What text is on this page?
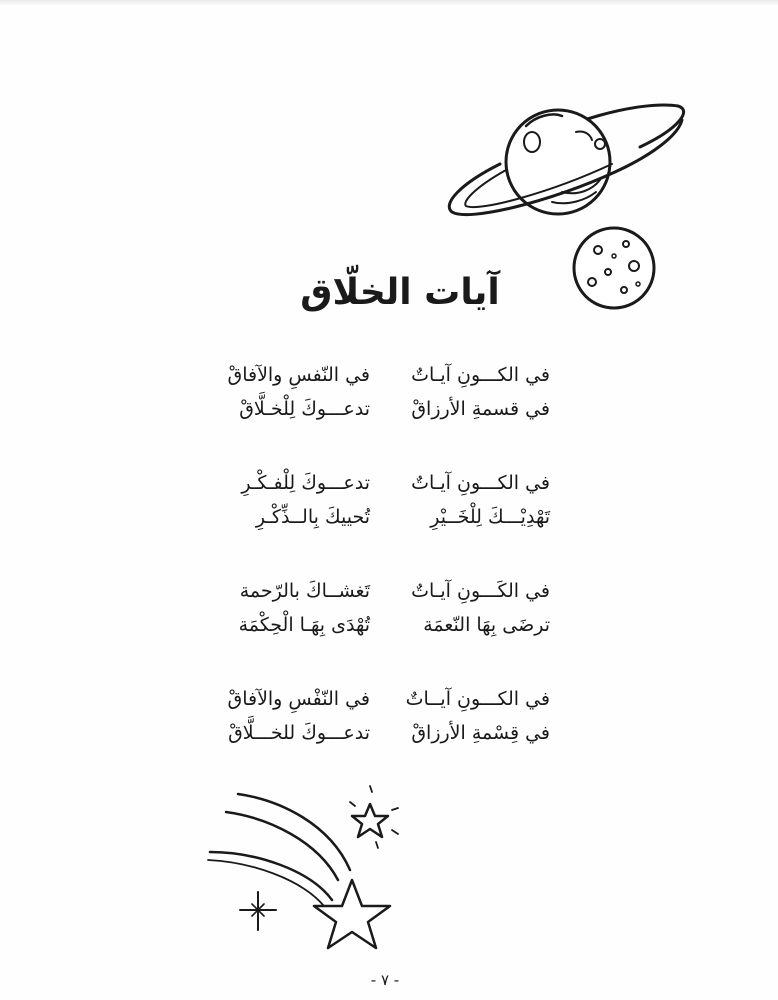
آيات الخلّاق
في الكـــونِ آيـاتٌ
في النّفسِ والآفاقْ
في قسمةِ الأرزاقْ
تدعـــوكَ لِلْخـلَّاقْ
في الكـــونِ آيـاتٌ
تدعـــوكَ لِلْفـكْـرِ
تَهْدِيْـــكَ لِلْخَــيْرِ
تُحييكَ بِالــذِّكْـرِ
في الكَـــونِ آيـاتٌ
تَغشــاكَ بالرّحمة
ترضَى بِهَا النّعمَة
تُهْدَى بِهَـا الْحِكْمَة
في الكـــونِ آيــاتٌ
في النّفْسِ والآفاقْ
في قِسْمةِ الأرزاقْ
تدعـــوكَ للخـــلَّاقْ
- ٧ -
